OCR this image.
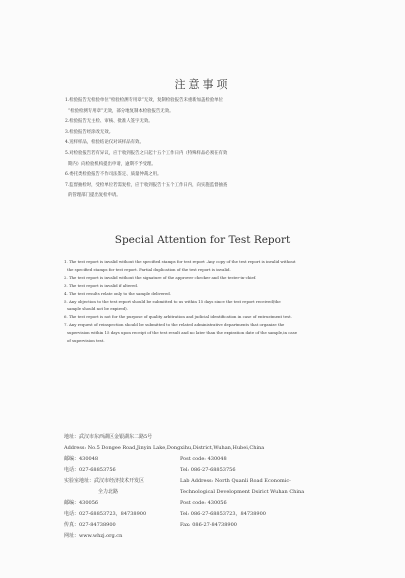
注意事项
1.检验报告无检验单位“检验检测专用章”无效，复制检验报告未重新加盖检验单位
“检验检测专用章”无效，部分地复制本检验报告无效。
2.检验报告无主检、审核、批准人签字无效。
3.检验报告经涂改无效。
4.送样样品，检验结论仅对该样品有效。
5.对检验报告若有异议，应于收到报告之日起十五个工作日内（特殊样品必须在有效
期内）向检验机构提出申请，逾期不予受理。
6.委托类检验报告不作司法鉴定、质量仲裁之用。
7.监督抽检时，受检单位若需复检，应于收到报告十五个工作日内，向实施监督抽查
的管理部门提出复检申请。
Special Attention for Test Report
1. The test report is invalid without the specified stamps for test report .Any copy of the test report is invalid without
the specified stamps for test report. Partial duplication of the test report is invalid.
2. The test report is invalid without the signature of the approver checker and the tester-in-chief.
3. The test report is invalid if altered.
4. The test results relate only to the sample delivered.
5. Any objection to the test report should be submitted to us within 15 days since the test report received(the
sample should not be expired).
6. The test report is not for the purpose of quality arbitration and judicial identification in case of entrustment test.
7. Any request of reinspection should be submitted to the related administrative departments that organize the
supervision within 15 days upon receipt of the test result and no later than the expiration date of the sample,in case
of supervision test.
地址：武汉市东西湖区金银湖东二路5号
Address: No.5 Dongee Road,Jinyin Lake,Dongxihu,District,Wuhan,Hubei,China
邮编：430048	Post code: 430048
电话：027-68853756	Tel: 086-27-68853756
实验室地址：武汉市经济技术开发区	Lab Address: North Quanli Road Economic-
全力北路	Technological Development Dsirict Wuhan China
邮编：430056	Post code: 430056
电话：027-68853723，84738900	Tel: 086-27-68853723，84738900
传真：027-84738900	Fax: 086-27-84738900
网址：www.whzj.org.cn
